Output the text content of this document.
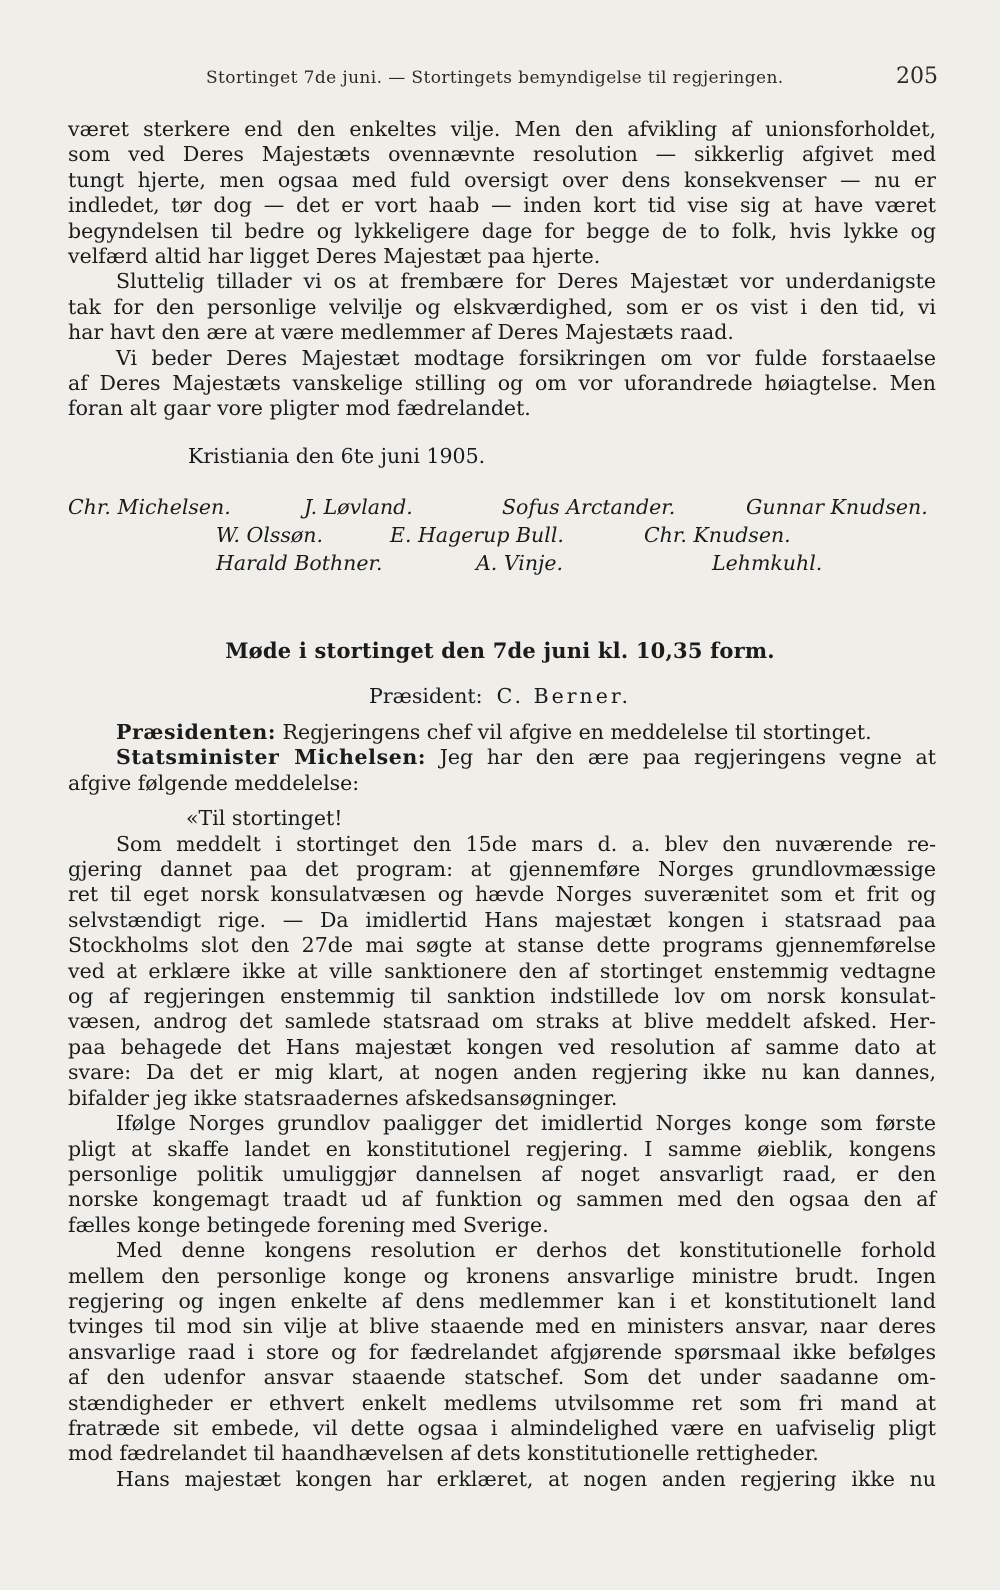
Stortinget 7de juni. — Stortingets bemyndigelse til regjeringen.	205
været sterkere end den enkeltes vilje. Men den afvikling af unionsforholdet,
som ved Deres Majestæts ovennævnte resolution — sikkerlig afgivet med
tungt hjerte, men ogsaa med fuld oversigt over dens konsekvenser — nu er
indledet, tør dog — det er vort haab — inden kort tid vise sig at have været
begyndelsen til bedre og lykkeligere dage for begge de to folk, hvis lykke og
velfærd altid har ligget Deres Majestæt paa hjerte.
Sluttelig tillader vi os at frembære for Deres Majestæt vor underdanigste
tak for den personlige velvilje og elskværdighed, som er os vist i den tid, vi
har havt den ære at være medlemmer af Deres Majestæts raad.
Vi beder Deres Majestæt modtage forsikringen om vor fulde forstaaelse
af Deres Majestæts vanskelige stilling og om vor uforandrede høiagtelse. Men
foran alt gaar vore pligter mod fædrelandet.
Kristiania den 6te juni 1905.
Chr. Michelsen.	J. Løvland.	Sofus Arctander.	Gunnar Knudsen.
W. Olssøn.	E. Hagerup Bull.	Chr. Knudsen.
Harald Bothner.	A. Vinje.	Lehmkuhl.
Møde i stortinget den 7de juni kl. 10,35 form.
Præsident: C. Berner.
Præsidenten: Regjeringens chef vil afgive en meddelelse til stortinget.
Statsminister Michelsen: Jeg har den ære paa regjeringens vegne at
afgive følgende meddelelse:
«Til stortinget!
Som meddelt i stortinget den 15de mars d. a. blev den nuværende re-
gjering dannet paa det program: at gjennemføre Norges grundlovmæssige
ret til eget norsk konsulatvæsen og hævde Norges suverænitet som et frit og
selvstændigt rige. — Da imidlertid Hans majestæt kongen i statsraad paa
Stockholms slot den 27de mai søgte at stanse dette programs gjennemførelse
ved at erklære ikke at ville sanktionere den af stortinget enstemmig vedtagne
og af regjeringen enstemmig til sanktion indstillede lov om norsk konsulat-
væsen, androg det samlede statsraad om straks at blive meddelt afsked. Her-
paa behagede det Hans majestæt kongen ved resolution af samme dato at
svare: Da det er mig klart, at nogen anden regjering ikke nu kan dannes,
bifalder jeg ikke statsraadernes afskedsansøgninger.
Ifølge Norges grundlov paaligger det imidlertid Norges konge som første
pligt at skaffe landet en konstitutionel regjering. I samme øieblik, kongens
personlige politik umuliggjør dannelsen af noget ansvarligt raad, er den
norske kongemagt traadt ud af funktion og sammen med den ogsaa den af
fælles konge betingede forening med Sverige.
Med denne kongens resolution er derhos det konstitutionelle forhold
mellem den personlige konge og kronens ansvarlige ministre brudt. Ingen
regjering og ingen enkelte af dens medlemmer kan i et konstitutionelt land
tvinges til mod sin vilje at blive staaende med en ministers ansvar, naar deres
ansvarlige raad i store og for fædrelandet afgjørende spørsmaal ikke befølges
af den udenfor ansvar staaende statschef. Som det under saadanne om-
stændigheder er ethvert enkelt medlems utvilsomme ret som fri mand at
fratræde sit embede, vil dette ogsaa i almindelighed være en uafviselig pligt
mod fædrelandet til haandhævelsen af dets konstitutionelle rettigheder.
Hans majestæt kongen har erklæret, at nogen anden regjering ikke nu
